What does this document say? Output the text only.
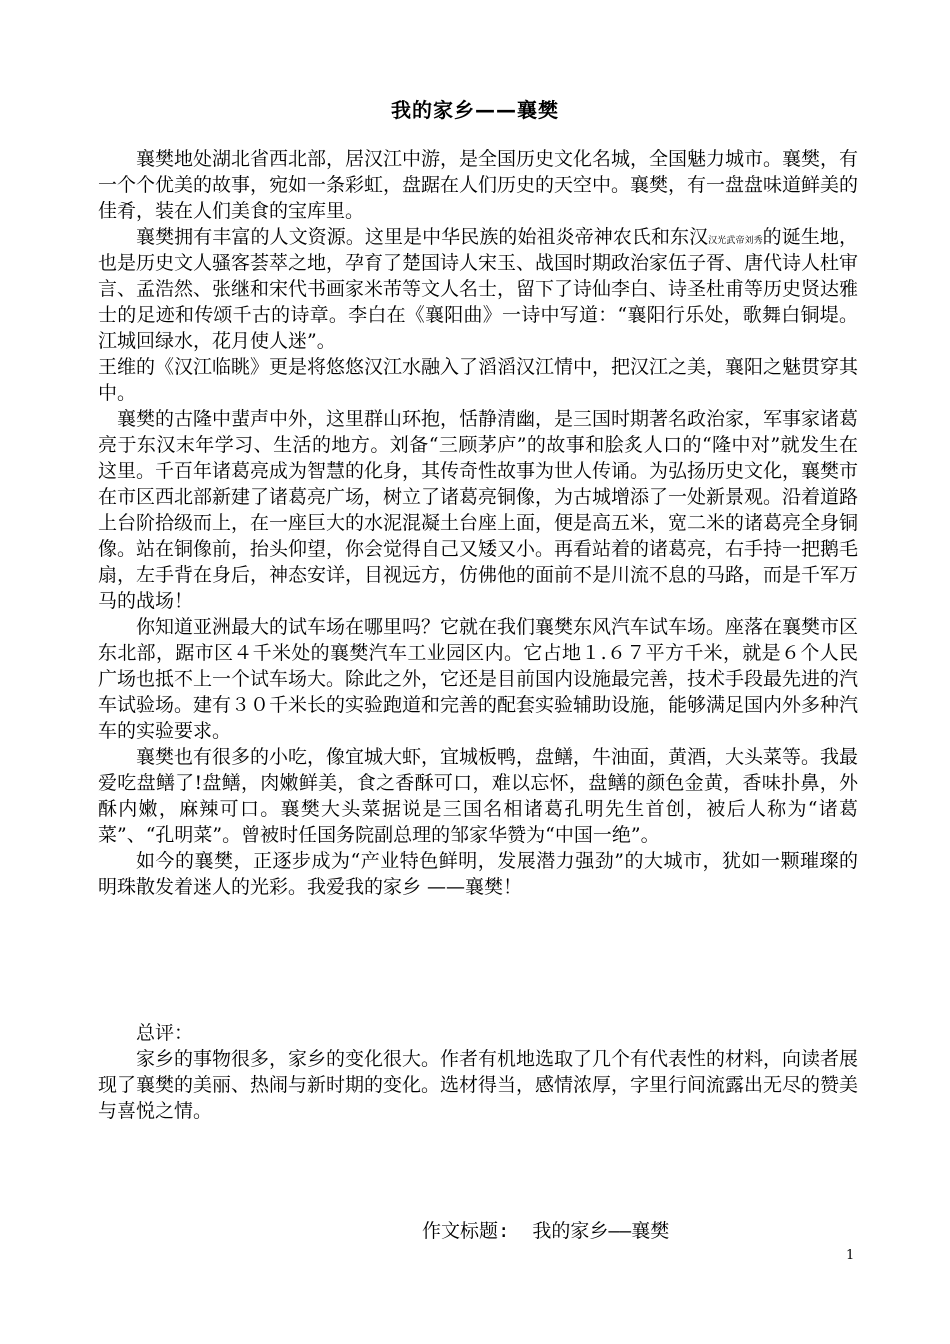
我的家乡——襄樊

襄樊地处湖北省西北部，居汉江中游，是全国历史文化名城，全国魅力城市。襄樊，有一个个优美的故事，宛如一条彩虹，盘踞在人们历史的天空中。襄樊，有一盘盘味道鲜美的佳肴，装在人们美食的宝库里。

襄樊拥有丰富的人文资源。这里是中华民族的始祖炎帝神农氏和东汉汉光武帝刘秀的诞生地，也是历史文人骚客荟萃之地，孕育了楚国诗人宋玉、战国时期政治家伍子胥、唐代诗人杜审言、孟浩然、张继和宋代书画家米芾等文人名士，留下了诗仙李白、诗圣杜甫等历史贤达雅士的足迹和传颂千古的诗章。李白在《襄阳曲》一诗中写道：“襄阳行乐处，歌舞白铜堤。江城回绿水，花月使人迷”。

王维的《汉江临眺》更是将悠悠汉江水融入了滔滔汉江情中，把汉江之美，襄阳之魅贯穿其中。

襄樊的古隆中蜚声中外，这里群山环抱，恬静清幽，是三国时期著名政治家，军事家诸葛亮于东汉末年学习、生活的地方。刘备“三顾茅庐”的故事和脍炙人口的“隆中对”就发生在这里。千百年诸葛亮成为智慧的化身，其传奇性故事为世人传诵。为弘扬历史文化，襄樊市在市区西北部新建了诸葛亮广场，树立了诸葛亮铜像，为古城增添了一处新景观。沿着道路上台阶拾级而上，在一座巨大的水泥混凝土台座上面，便是高五米，宽二米的诸葛亮全身铜像。站在铜像前，抬头仰望，你会觉得自己又矮又小。再看站着的诸葛亮，右手持一把鹅毛扇，左手背在身后，神态安详，目视远方，仿佛他的面前不是川流不息的马路，而是千军万马的战场！

你知道亚洲最大的试车场在哪里吗？它就在我们襄樊东风汽车试车场。座落在襄樊市区东北部，踞市区４千米处的襄樊汽车工业园区内。它占地１.６７平方千米，就是６个人民广场也抵不上一个试车场大。除此之外，它还是目前国内设施最完善，技术手段最先进的汽车试验场。建有３０千米长的实验跑道和完善的配套实验辅助设施，能够满足国内外多种汽车的实验要求。

襄樊也有很多的小吃，像宜城大虾，宜城板鸭，盘鳝，牛油面，黄酒，大头菜等。我最爱吃盘鳝了!盘鳝，肉嫩鲜美，食之香酥可口，难以忘怀，盘鳝的颜色金黄，香味扑鼻，外酥内嫩，麻辣可口。襄樊大头菜据说是三国名相诸葛孔明先生首创，被后人称为“诸葛菜”、“孔明菜”。曾被时任国务院副总理的邹家华赞为“中国一绝”。

如今的襄樊，正逐步成为“产业特色鲜明，发展潜力强劲”的大城市，犹如一颗璀璨的明珠散发着迷人的光彩。我爱我的家乡 ——襄樊！

总评：

家乡的事物很多，家乡的变化很大。作者有机地选取了几个有代表性的材料，向读者展现了襄樊的美丽、热闹与新时期的变化。选材得当，感情浓厚，字里行间流露出无尽的赞美与喜悦之情。

作文标题: 我的家乡——襄樊
1
